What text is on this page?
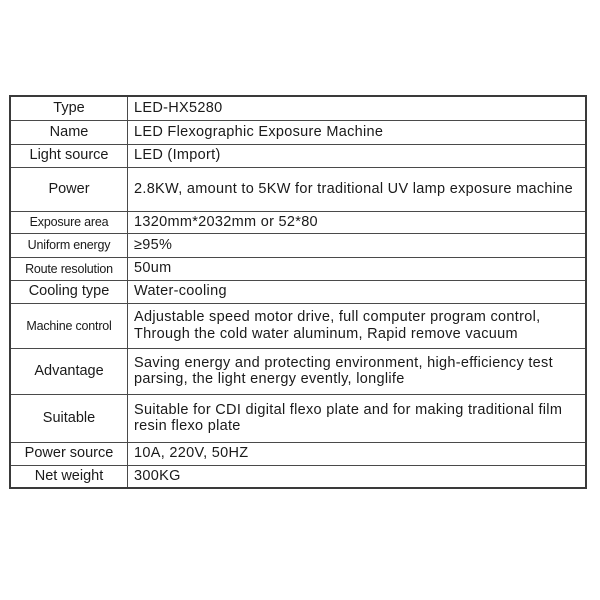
Type	LED-HX5280
Name	LED Flexographic Exposure Machine
Light source	LED (Import)
Power	2.8KW, amount to 5KW for traditional UV lamp exposure machine
Exposure area	1320mm*2032mm or 52*80
Uniform energy	≥95%
Route resolution	50um
Cooling type	Water-cooling
Machine control	Adjustable speed motor drive, full computer program control, Through the cold water aluminum, Rapid remove vacuum
Advantage	Saving energy and protecting environment, high-efficiency test parsing, the light energy evently, longlife
Suitable	Suitable for CDI digital flexo plate and for making traditional film resin flexo plate
Power source	10A, 220V, 50HZ
Net weight	300KG
